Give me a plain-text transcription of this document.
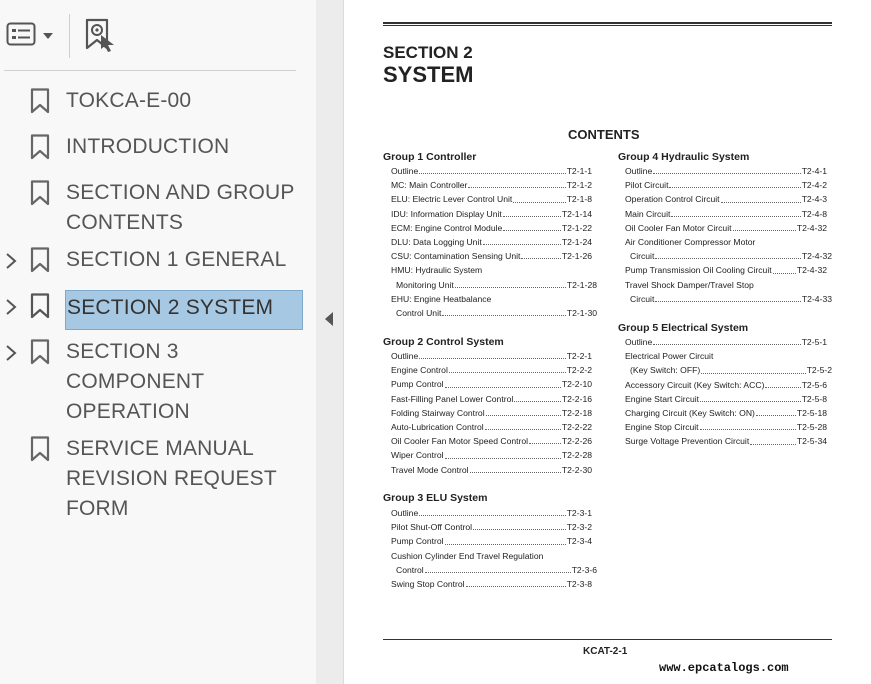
TOKCA-E-00
INTRODUCTION
SECTION AND GROUP
CONTENTS
SECTION 1 GENERAL
SECTION 2 SYSTEM
SECTION 3
COMPONENT
OPERATION
SERVICE MANUAL
REVISION REQUEST
FORM
SECTION 2
SYSTEM
CONTENTS
Group 1 Controller
Outline	T2-1-1
MC: Main Controller	T2-1-2
ELU: Electric Lever Control Unit	T2-1-8
IDU: Information Display Unit	T2-1-14
ECM: Engine Control Module	T2-1-22
DLU: Data Logging Unit	T2-1-24
CSU: Contamination Sensing Unit	T2-1-26
HMU: Hydraulic System
Monitoring Unit	T2-1-28
EHU: Engine Heatbalance
Control Unit	T2-1-30
Group 2 Control System
Outline	T2-2-1
Engine Control	T2-2-2
Pump Control	T2-2-10
Fast-Filling Panel Lower Control	T2-2-16
Folding Stairway Control	T2-2-18
Auto-Lubrication Control	T2-2-22
Oil Cooler Fan Motor Speed Control	T2-2-26
Wiper Control	T2-2-28
Travel Mode Control	T2-2-30
Group 3 ELU System
Outline	T2-3-1
Pilot Shut-Off Control	T2-3-2
Pump Control	T2-3-4
Cushion Cylinder End Travel Regulation
Control	T2-3-6
Swing Stop Control	T2-3-8
Group 4 Hydraulic System
Outline	T2-4-1
Pilot Circuit	T2-4-2
Operation Control Circuit	T2-4-3
Main Circuit	T2-4-8
Oil Cooler Fan Motor Circuit	T2-4-32
Air Conditioner Compressor Motor
Circuit	T2-4-32
Pump Transmission Oil Cooling Circuit	T2-4-32
Travel Shock Damper/Travel Stop
Circuit	T2-4-33
Group 5 Electrical System
Outline	T2-5-1
Electrical Power Circuit
(Key Switch: OFF)	T2-5-2
Accessory Circuit (Key Switch: ACC)	T2-5-6
Engine Start Circuit	T2-5-8
Charging Circuit (Key Switch: ON)	T2-5-18
Engine Stop Circuit	T2-5-28
Surge Voltage Prevention Circuit	T2-5-34
KCAT-2-1
www.epcatalogs.com
